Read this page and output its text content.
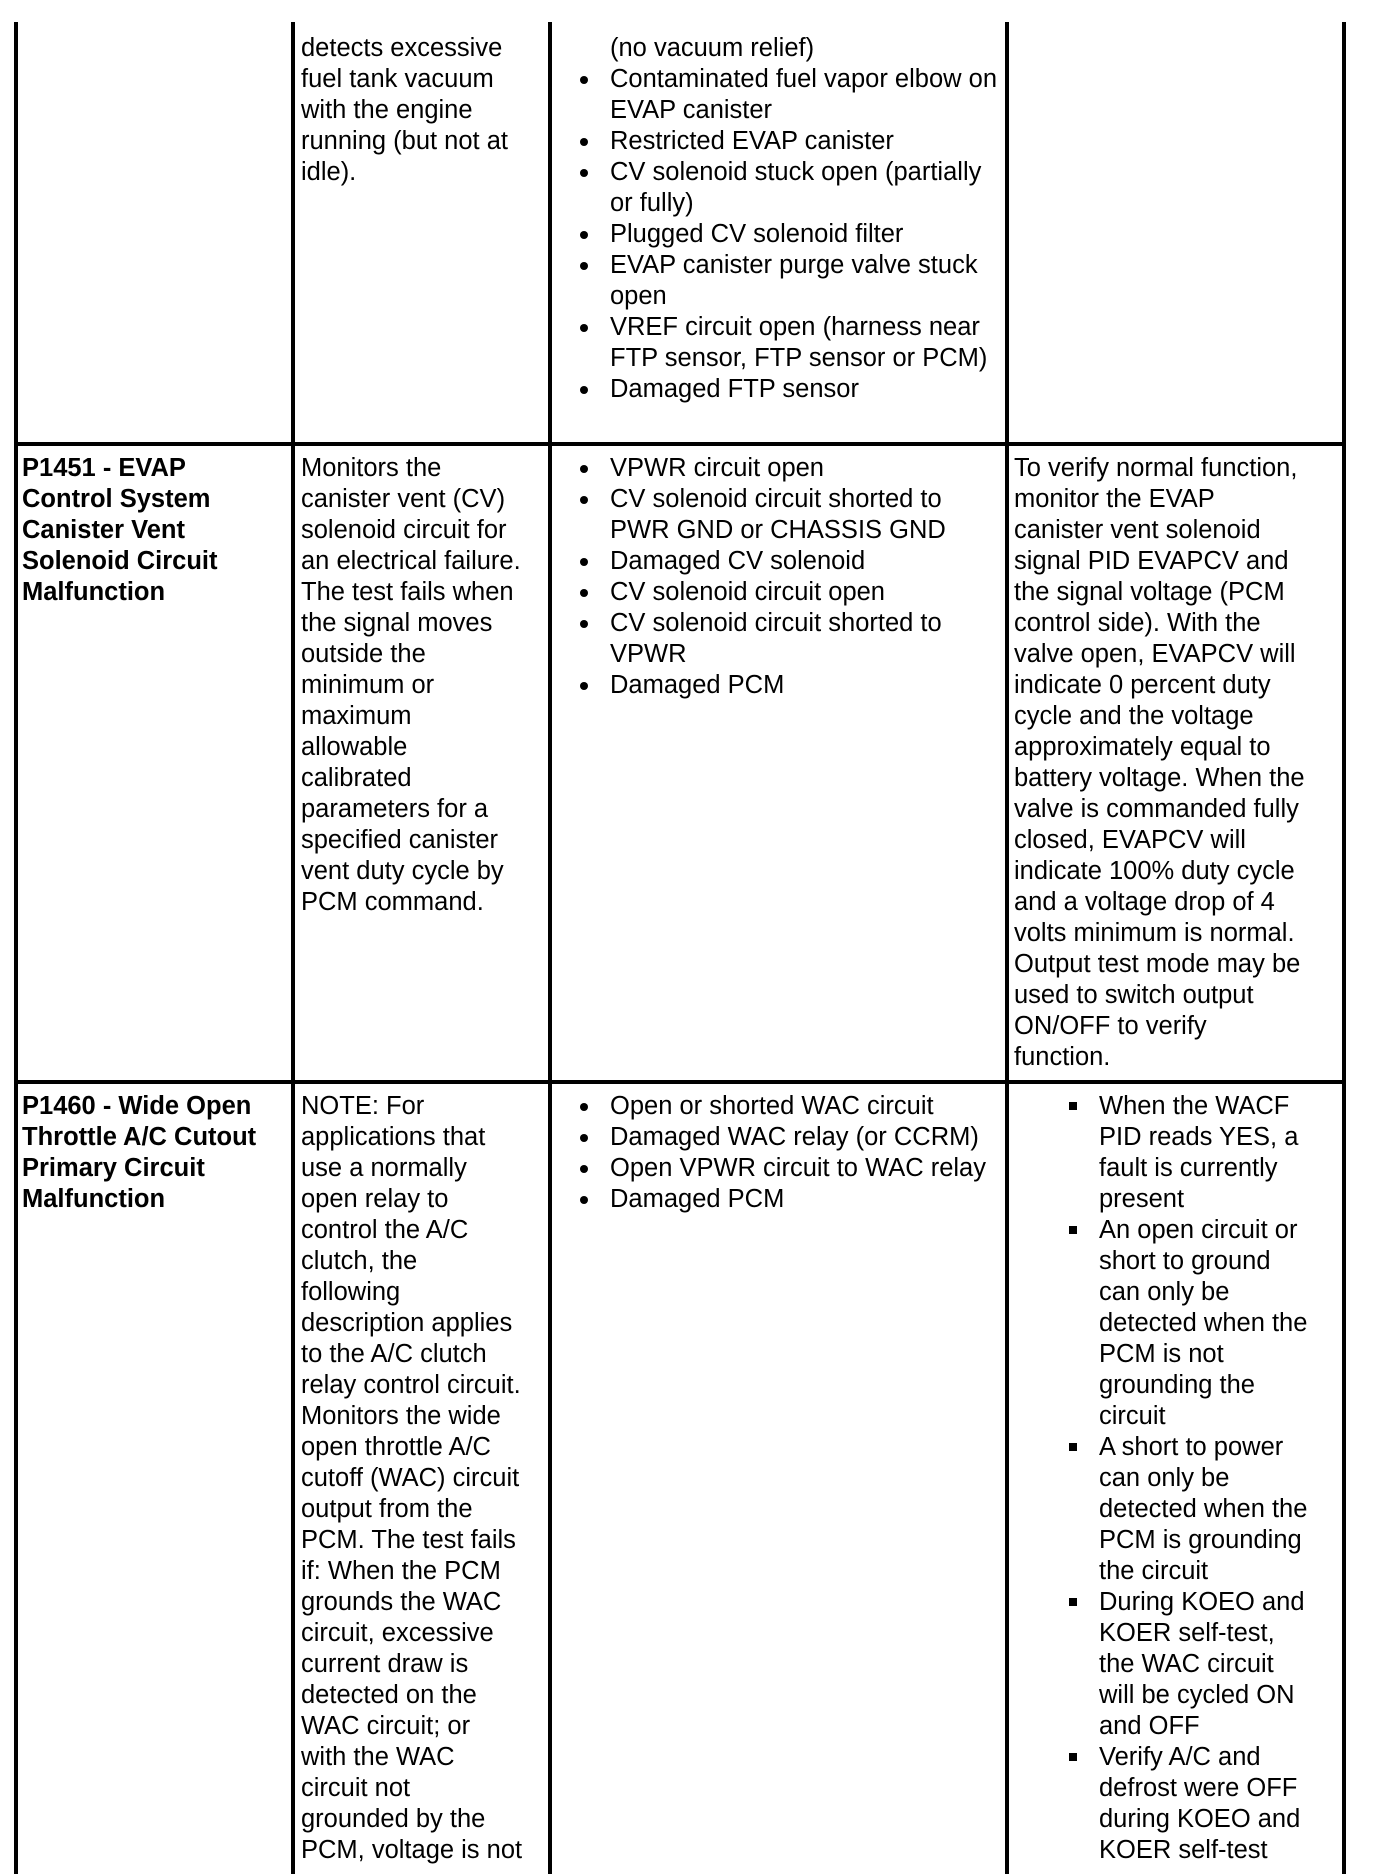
detects excessive
fuel tank vacuum
with the engine
running (but not at
idle).
(no vacuum relief)
Contaminated fuel vapor elbow on EVAP canister
Restricted EVAP canister
CV solenoid stuck open (partially or fully)
Plugged CV solenoid filter
EVAP canister purge valve stuck open
VREF circuit open (harness near FTP sensor, FTP sensor or PCM)
Damaged FTP sensor
P1451 - EVAP
Control System
Canister Vent
Solenoid Circuit
Malfunction
Monitors the
canister vent (CV)
solenoid circuit for
an electrical failure.
The test fails when
the signal moves
outside the
minimum or
maximum
allowable
calibrated
parameters for a
specified canister
vent duty cycle by
PCM command.
VPWR circuit open
CV solenoid circuit shorted to PWR GND or CHASSIS GND
Damaged CV solenoid
CV solenoid circuit open
CV solenoid circuit shorted to VPWR
Damaged PCM
To verify normal function,
monitor the EVAP
canister vent solenoid
signal PID EVAPCV and
the signal voltage (PCM
control side). With the
valve open, EVAPCV will
indicate 0 percent duty
cycle and the voltage
approximately equal to
battery voltage. When the
valve is commanded fully
closed, EVAPCV will
indicate 100% duty cycle
and a voltage drop of 4
volts minimum is normal.
Output test mode may be
used to switch output
ON/OFF to verify
function.
P1460 - Wide Open
Throttle A/C Cutout
Primary Circuit
Malfunction
NOTE: For
applications that
use a normally
open relay to
control the A/C
clutch, the
following
description applies
to the A/C clutch
relay control circuit.
Monitors the wide
open throttle A/C
cutoff (WAC) circuit
output from the
PCM. The test fails
if: When the PCM
grounds the WAC
circuit, excessive
current draw is
detected on the
WAC circuit; or
with the WAC
circuit not
grounded by the
PCM, voltage is not
Open or shorted WAC circuit
Damaged WAC relay (or CCRM)
Open VPWR circuit to WAC relay
Damaged PCM
When the WACF
PID reads YES, a
fault is currently
present
An open circuit or
short to ground
can only be
detected when the
PCM is not
grounding the
circuit
A short to power
can only be
detected when the
PCM is grounding
the circuit
During KOEO and
KOER self-test,
the WAC circuit
will be cycled ON
and OFF
Verify A/C and
defrost were OFF
during KOEO and
KOER self-test
